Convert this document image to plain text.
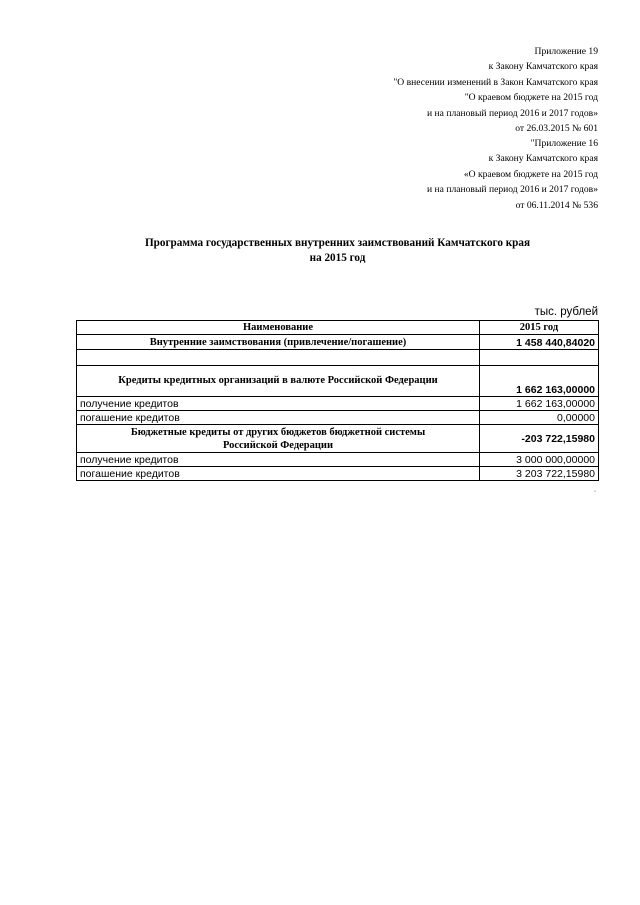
Приложение 19
к Закону Камчатского края
"О внесении изменений в Закон Камчатского края
"О краевом бюджете на 2015 год
и на плановый период 2016 и 2017 годов»
от 26.03.2015 № 601
"Приложение 16
к Закону Камчатского края
«О краевом бюджете на 2015 год
и на плановый период 2016 и 2017 годов»
от 06.11.2014 № 536
Программа государственных внутренних заимствований Камчатского края
на 2015 год
тыс. рублей
Наименование	2015 год
Внутренние заимствования (привлечение/погашение)	1 458 440,84020

Кредиты кредитных организаций в валюте Российской Федерации	1 662 163,00000
получение кредитов	1 662 163,00000
погашение кредитов	0,00000

Бюджетные кредиты от других бюджетов бюджетной системы
Российской Федерации	-203 722,15980
получение кредитов	3 000 000,00000
погашение кредитов	3 203 722,15980
"
